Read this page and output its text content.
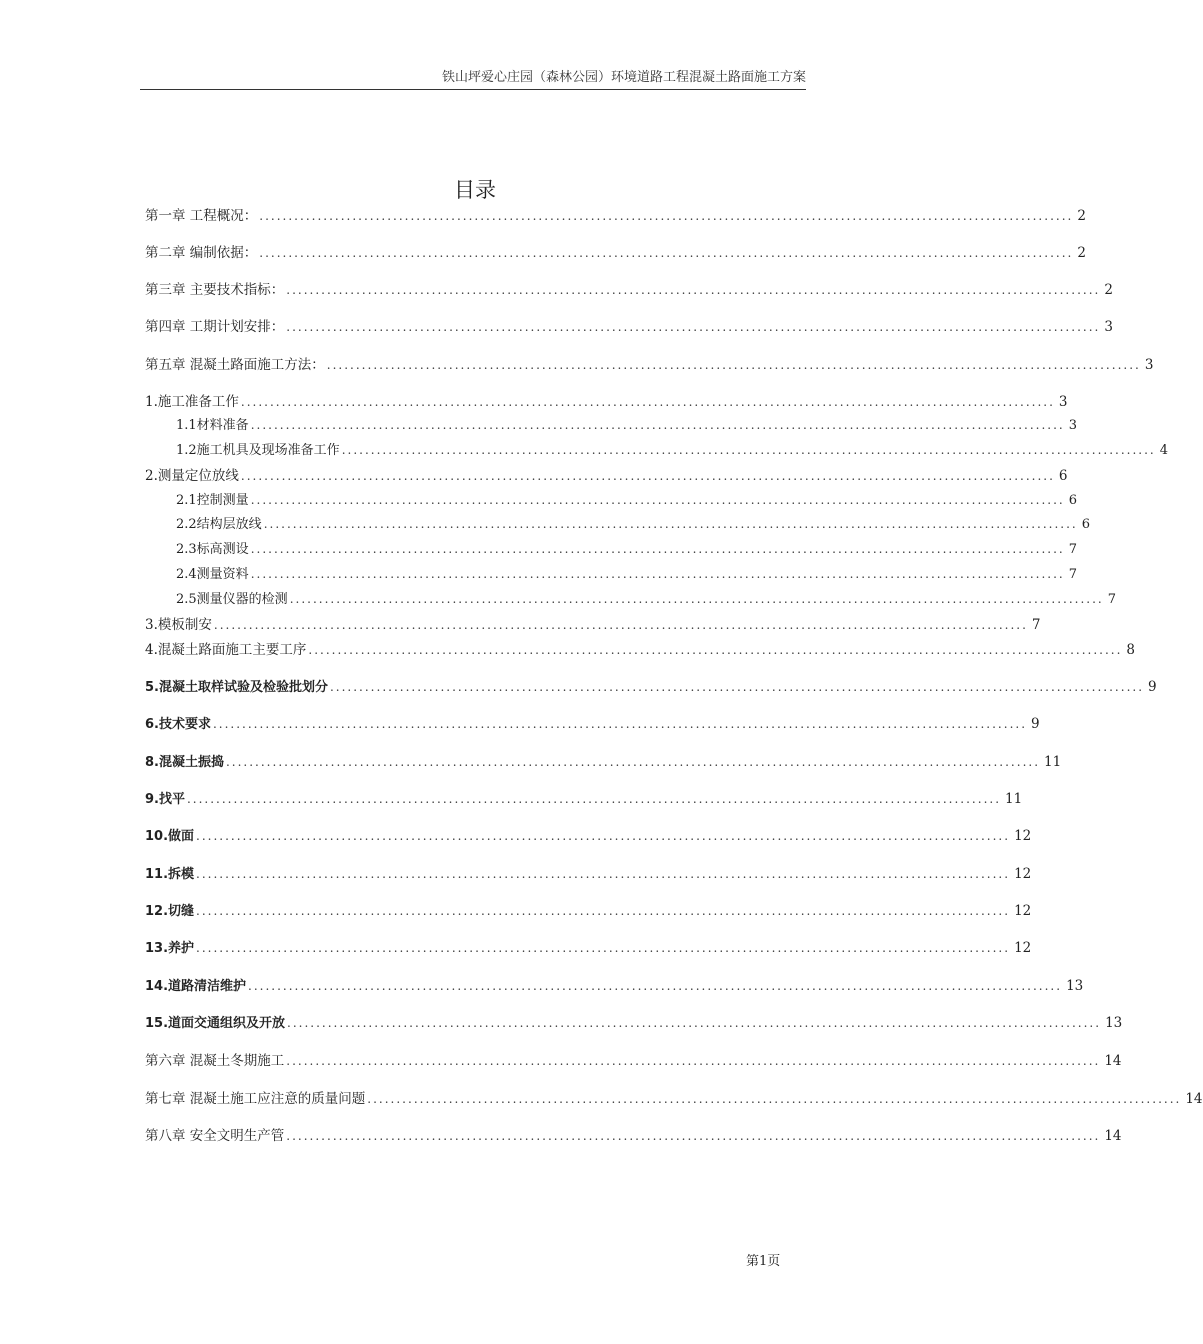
铁山坪爱心庄园（森林公园）环境道路工程混凝土路面施工方案
目录
第一章 工程概况： ............................................................................................................................................ 2
第二章 编制依据： ............................................................................................................................................ 2
第三章 主要技术指标： ............................................................................................................................................ 2
第四章 工期计划安排： ............................................................................................................................................ 3
第五章 混凝土路面施工方法： ............................................................................................................................................ 3
1.施工准备工作 ............................................................................................................................................ 3
1.1材料准备 ............................................................................................................................................ 3
1.2施工机具及现场准备工作 ............................................................................................................................................ 4
2.测量定位放线 ............................................................................................................................................ 6
2.1控制测量 ............................................................................................................................................ 6
2.2结构层放线 ............................................................................................................................................ 6
2.3标高测设 ............................................................................................................................................ 7
2.4测量资料 ............................................................................................................................................ 7
2.5测量仪器的检测 ............................................................................................................................................ 7
3.模板制安 ............................................................................................................................................ 7
4.混凝土路面施工主要工序 ............................................................................................................................................ 8
5.混凝土取样试验及检验批划分 ............................................................................................................................................ 9
6.技术要求 ............................................................................................................................................ 9
8.混凝土振捣 ............................................................................................................................................ 11
9.找平 ............................................................................................................................................ 11
10.做面 ............................................................................................................................................ 12
11.拆模 ............................................................................................................................................ 12
12.切缝 ............................................................................................................................................ 12
13.养护 ............................................................................................................................................ 12
14.道路清洁维护 ............................................................................................................................................ 13
15.道面交通组织及开放 ............................................................................................................................................ 13
第六章 混凝土冬期施工 ............................................................................................................................................ 14
第七章 混凝土施工应注意的质量问题 ............................................................................................................................................ 14
第八章 安全文明生产管 ............................................................................................................................................ 14
第1页
